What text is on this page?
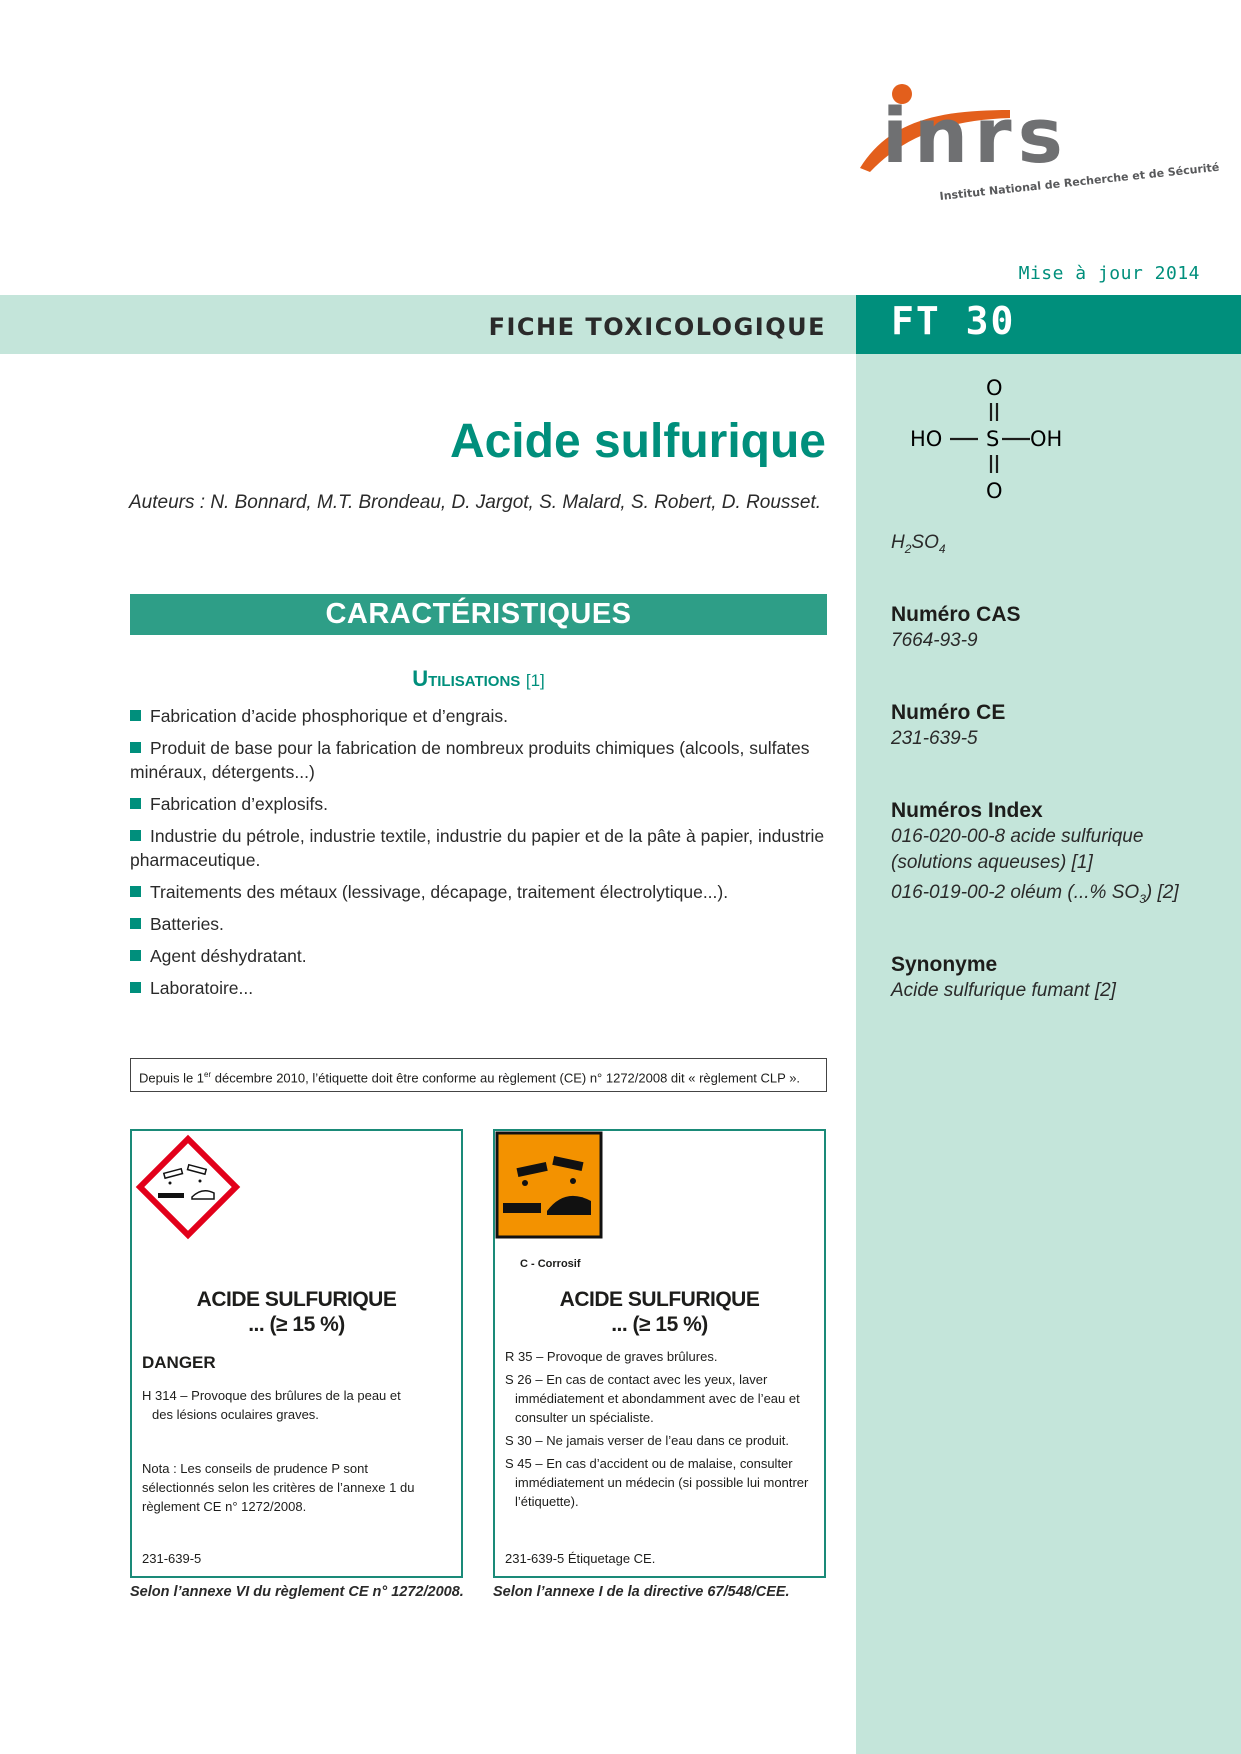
inrs
Institut National de Recherche et de Sécurité
Mise à jour 2014
FICHE TOXICOLOGIQUE FT 30
Acide sulfurique
Auteurs : N. Bonnard, M.T. Brondeau, D. Jargot, S. Malard, S. Robert, D. Rousset.
CARACTÉRISTIQUES
Utilisations [1]
Fabrication d’acide phosphorique et d’engrais.
Produit de base pour la fabrication de nombreux produits chimiques (alcools, sulfates minéraux, détergents...)
Fabrication d’explosifs.
Industrie du pétrole, industrie textile, industrie du papier et de la pâte à papier, industrie pharmaceutique.
Traitements des métaux (lessivage, décapage, traitement électrolytique...).
Batteries.
Agent déshydratant.
Laboratoire...
Depuis le 1er décembre 2010, l’étiquette doit être conforme au règlement (CE) n° 1272/2008 dit « règlement CLP ».
ACIDE SULFURIQUE
... (≥ 15 %)
DANGER
H 314 – Provoque des brûlures de la peau et
des lésions oculaires graves.
Nota : Les conseils de prudence P sont sélectionnés selon les critères de l’annexe 1 du règlement CE n° 1272/2008.
231-639-5
Selon l’annexe VI du règlement CE n° 1272/2008.
C - Corrosif
ACIDE SULFURIQUE
... (≥ 15 %)
R 35 – Provoque de graves brûlures.
S 26 – En cas de contact avec les yeux, laver immédiatement et abondamment avec de l’eau et consulter un spécialiste.
S 30 – Ne jamais verser de l’eau dans ce produit.
S 45 – En cas d’accident ou de malaise, consulter immédiatement un médecin (si possible lui montrer l’étiquette).
231-639-5 Étiquetage CE.
Selon l’annexe I de la directive 67/548/CEE.
O
HO S OH
O
$H_2SO_4$
Numéro CAS
7664-93-9
Numéro CE
231-639-5
Numéros Index
016-020-00-8 acide sulfurique (solutions aqueuses) [1]
016-019-00-2 oléum (...% $SO_3$) [2]
Synonyme
Acide sulfurique fumant [2]
